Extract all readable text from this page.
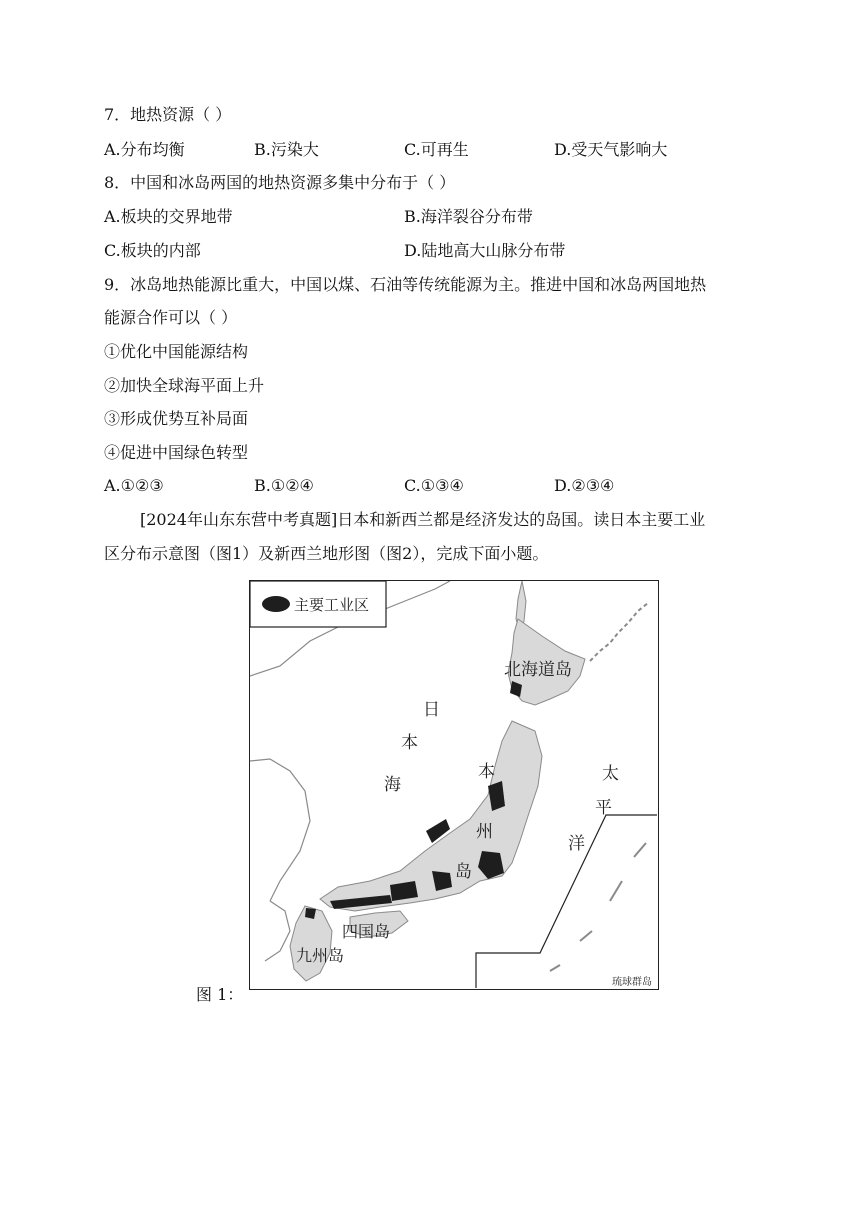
7．地热资源（ ）
A.分布均衡	B.污染大	C.可再生	D.受天气影响大
8．中国和冰岛两国的地热资源多集中分布于（ ）
A.板块的交界地带	B.海洋裂谷分布带
C.板块的内部	D.陆地高大山脉分布带
9．冰岛地热能源比重大，中国以煤、石油等传统能源为主。推进中国和冰岛两国地热
能源合作可以（ ）
①优化中国能源结构
②加快全球海平面上升
③形成优势互补局面
④促进中国绿色转型
A.①②③	B.①②④	C.①③④	D.②③④
[2024年山东东营中考真题]日本和新西兰都是经济发达的岛国。读日本主要工业
区分布示意图（图1）及新西兰地形图（图2），完成下面小题。
主要工业区
北海道岛
本
州
岛
日
本
海
太
平
洋
四国岛
九州岛
琉球群岛
图 1：
